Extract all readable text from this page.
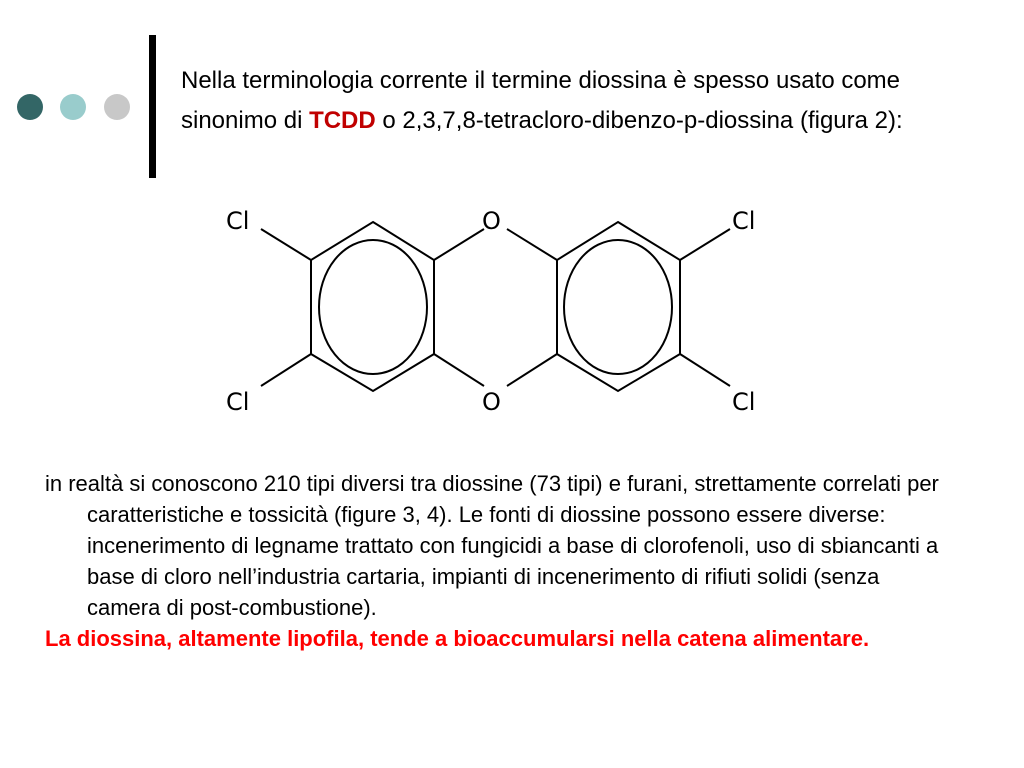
Nella terminologia corrente il termine diossina è spesso usato come sinonimo di TCDD o 2,3,7,8-tetracloro-dibenzo-p-diossina (figura 2):

Cl
Cl
Cl
Cl
O
O

in realtà si conoscono 210 tipi diversi tra diossine (73 tipi) e furani, strettamente correlati per caratteristiche e tossicità (figure 3, 4). Le fonti di diossine possono essere diverse: incenerimento di legname trattato con fungicidi a base di clorofenoli, uso di sbiancanti a base di cloro nell’industria cartaria, impianti di incenerimento di rifiuti solidi (senza camera di post-combustione).

La diossina, altamente lipofila, tende a bioaccumularsi nella catena alimentare.
